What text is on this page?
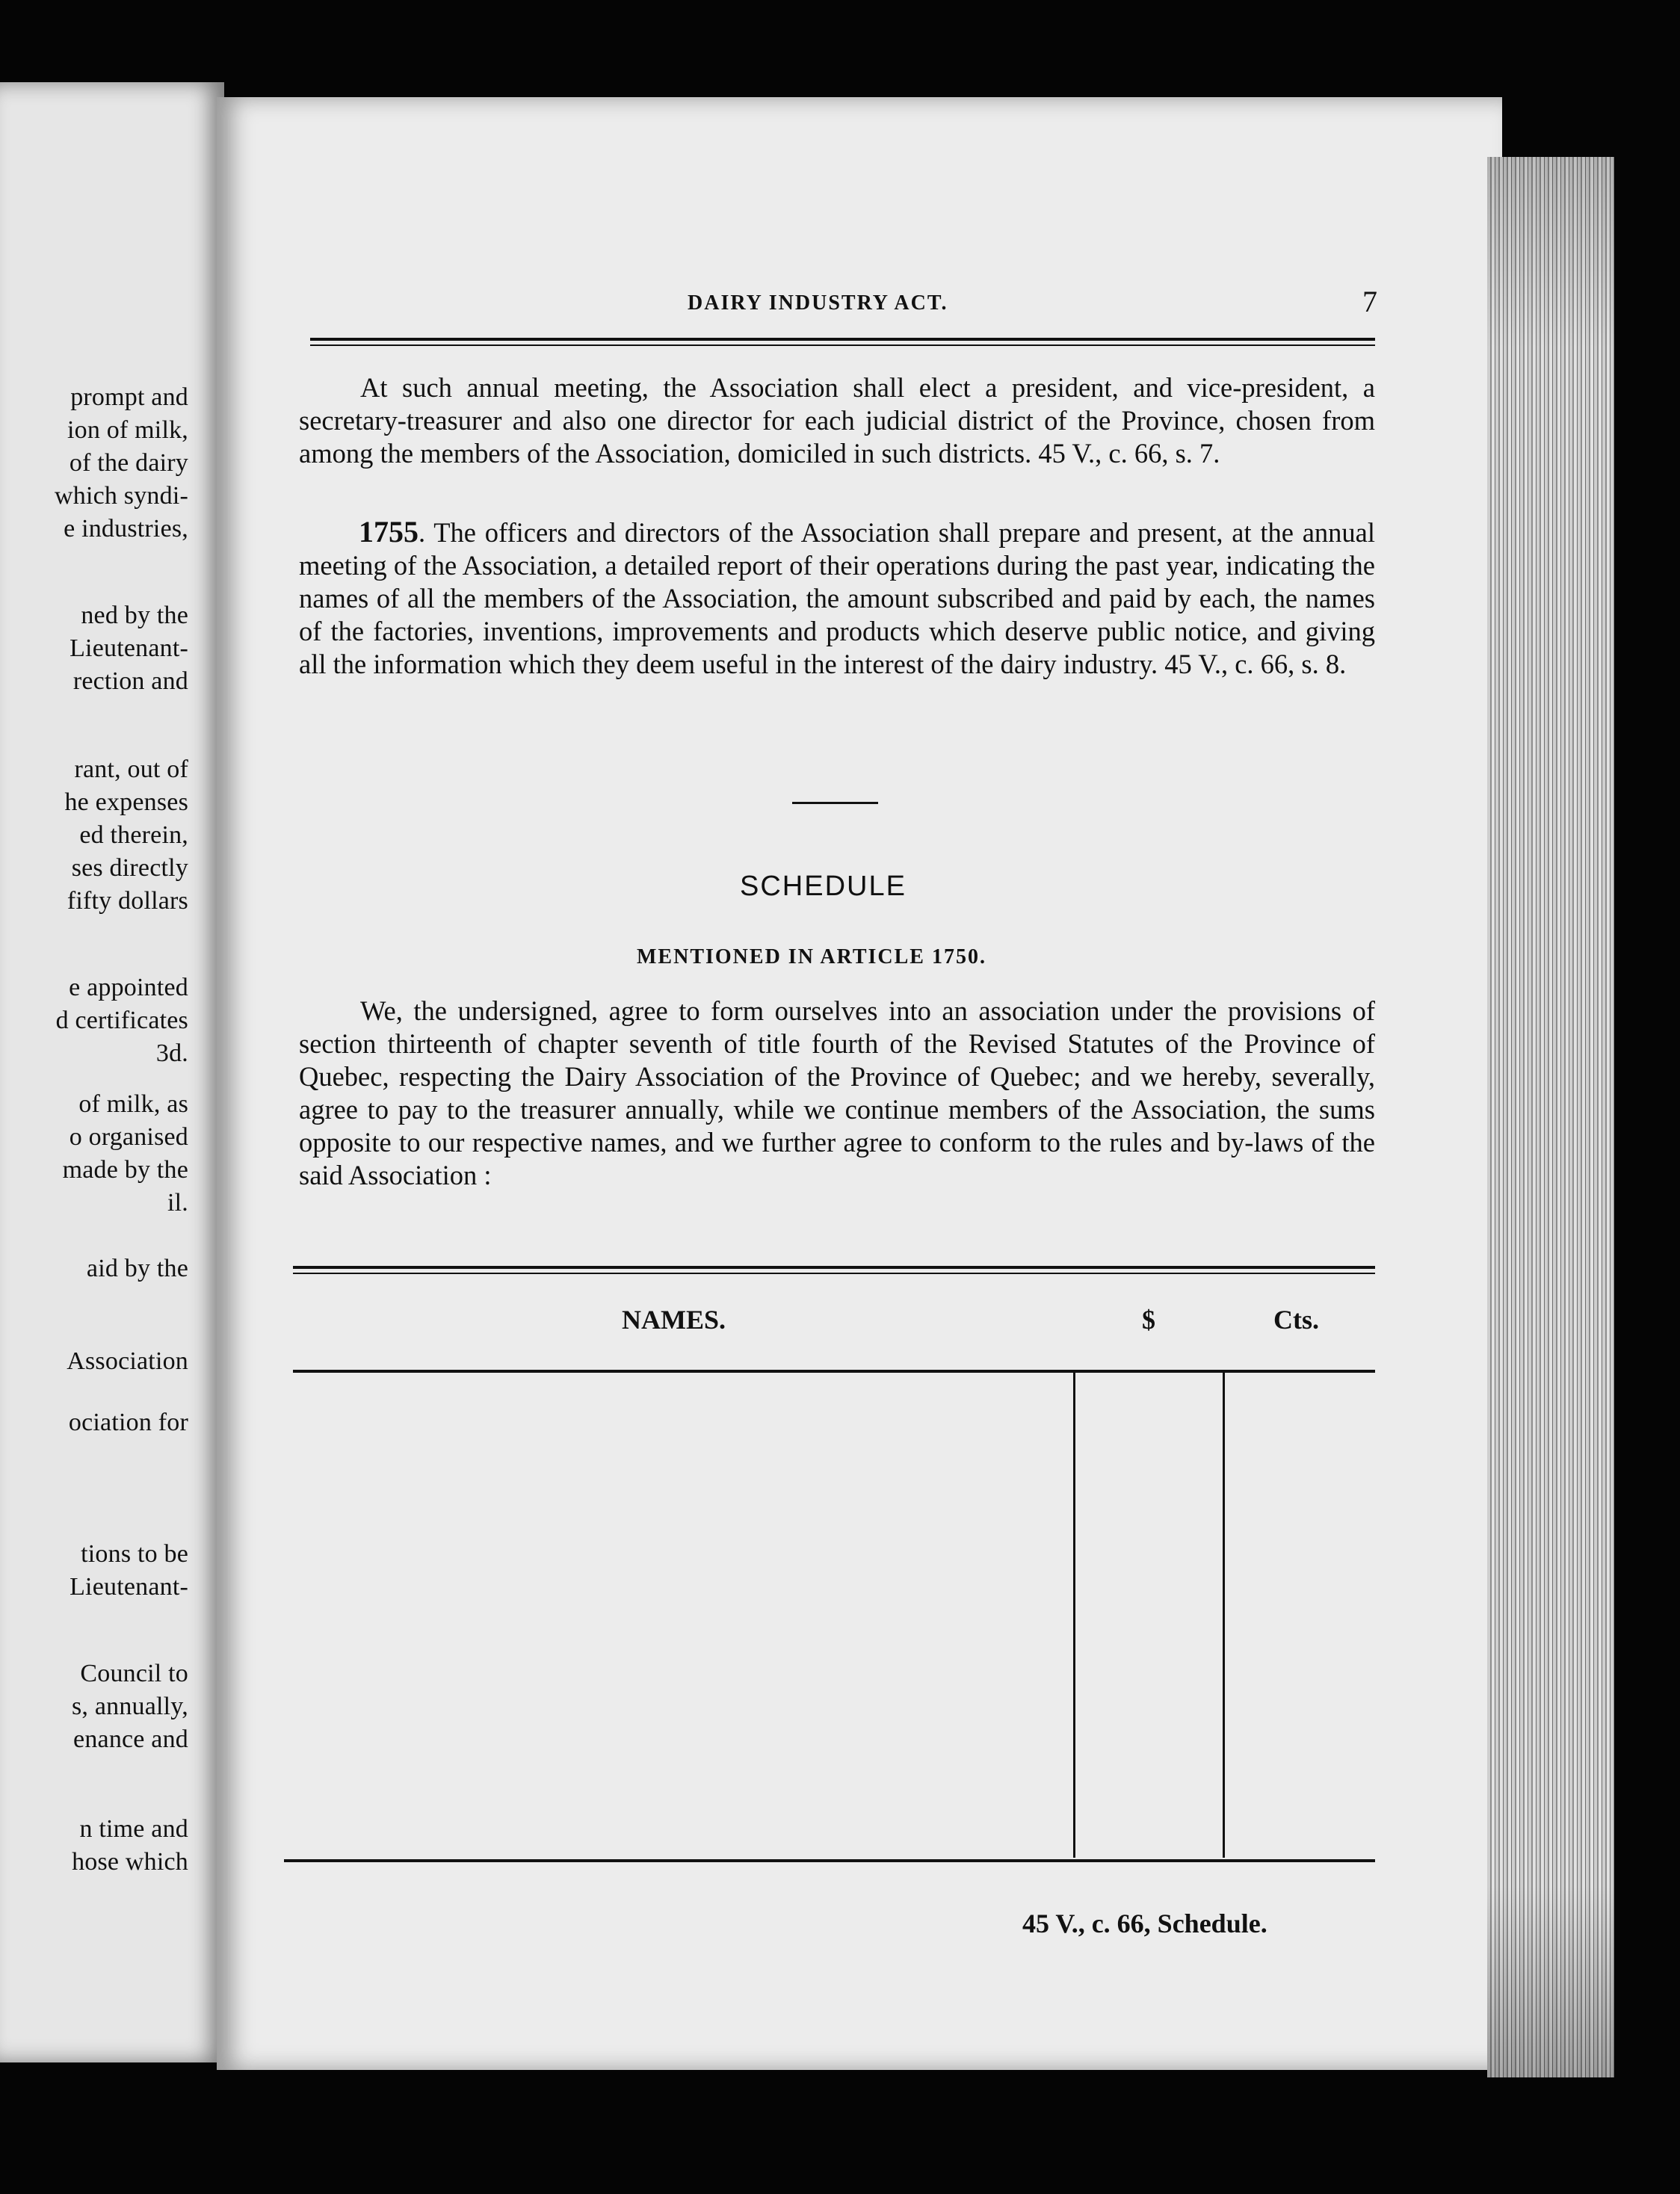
prompt and
ion of milk,
of the dairy
which syndi-
e industries,
ned by the
Lieutenant-
rection and
rant, out of
he expenses
ed therein,
ses directly
fifty dollars
e appointed
d certificates
3d.
of milk, as
o organised
made by the
il.
aid by the
Association
ociation for
tions to be
Lieutenant-
Council to
s, annually,
enance and
n time and
hose which
DAIRY INDUSTRY ACT.	7
At such annual meeting, the Association shall elect a president, and vice-president, a secretary-treasurer and also one director for each judicial district of the Province, chosen from among the members of the Association, domiciled in such districts. 45 V., c. 66, s. 7.
1755. The officers and directors of the Association shall prepare and present, at the annual meeting of the Association, a detailed report of their operations during the past year, indicating the names of all the members of the Association, the amount subscribed and paid by each, the names of the factories, inventions, improvements and products which deserve public notice, and giving all the information which they deem useful in the interest of the dairy industry. 45 V., c. 66, s. 8.
SCHEDULE
MENTIONED IN ARTICLE 1750.
We, the undersigned, agree to form ourselves into an association under the provisions of section thirteenth of chapter seventh of title fourth of the Revised Statutes of the Province of Quebec, respecting the Dairy Association of the Province of Quebec; and we hereby, severally, agree to pay to the treasurer annually, while we continue members of the Association, the sums opposite to our respective names, and we further agree to conform to the rules and by-laws of the said Association :
NAMES.	$	Cts.
45 V., c. 66, Schedule.
